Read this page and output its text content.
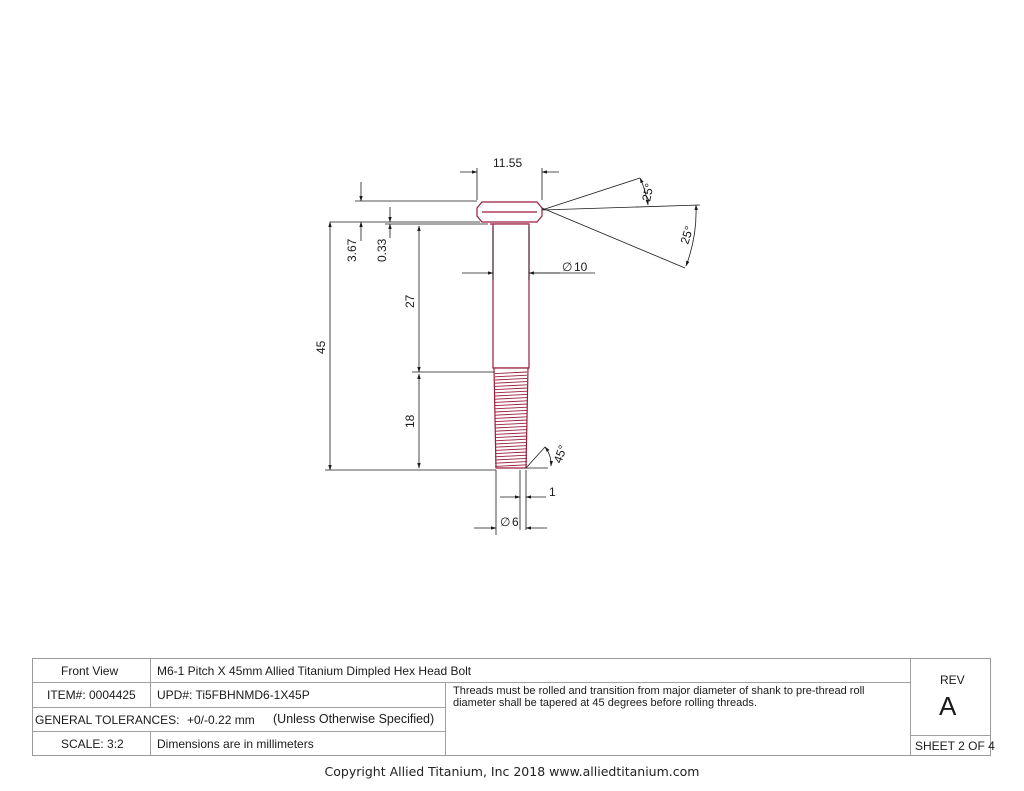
11.55
3.67 0.33
45
27
18
∅ 10
1
∅ 6
25°
25°
45°
Front View	M6-1 Pitch X 45mm Allied Titanium Dimpled Hex Head Bolt
ITEM#: 0004425 UPD#: Ti5FBHNMD6-1X45P
GENERAL TOLERANCES: +0/-0.22 mm (Unless Otherwise Specified)
SCALE: 3:2	Dimensions are in millimeters
Threads must be rolled and transition from major diameter of shank to pre-thread roll diameter shall be tapered at 45 degrees before rolling threads.
REV
A
SHEET 2 OF 4
Copyright Allied Titanium, Inc 2018 www.alliedtitanium.com
